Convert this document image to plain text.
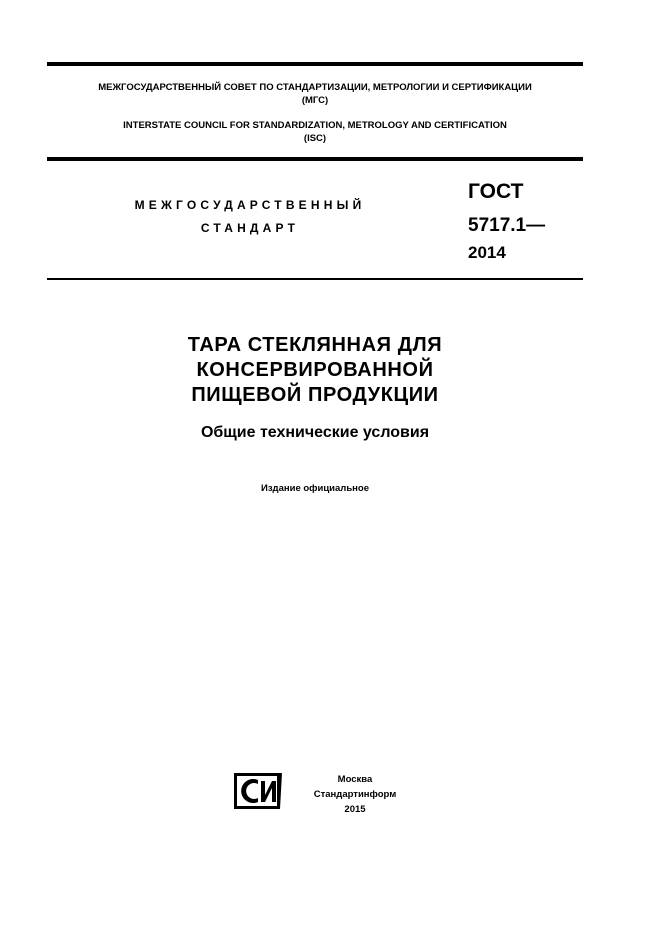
МЕЖГОСУДАРСТВЕННЫЙ СОВЕТ ПО СТАНДАРТИЗАЦИИ, МЕТРОЛОГИИ И СЕРТИФИКАЦИИ
(МГС)
INTERSTATE COUNCIL FOR STANDARDIZATION, METROLOGY AND CERTIFICATION
(ISC)
МЕЖГОСУДАРСТВЕННЫЙ
СТАНДАРТ
ГОСТ
5717.1—
2014
ТАРА СТЕКЛЯННАЯ ДЛЯ
КОНСЕРВИРОВАННОЙ
ПИЩЕВОЙ ПРОДУКЦИИ
Общие технические условия
Издание официальное
Москва
Стандартинформ
2015
